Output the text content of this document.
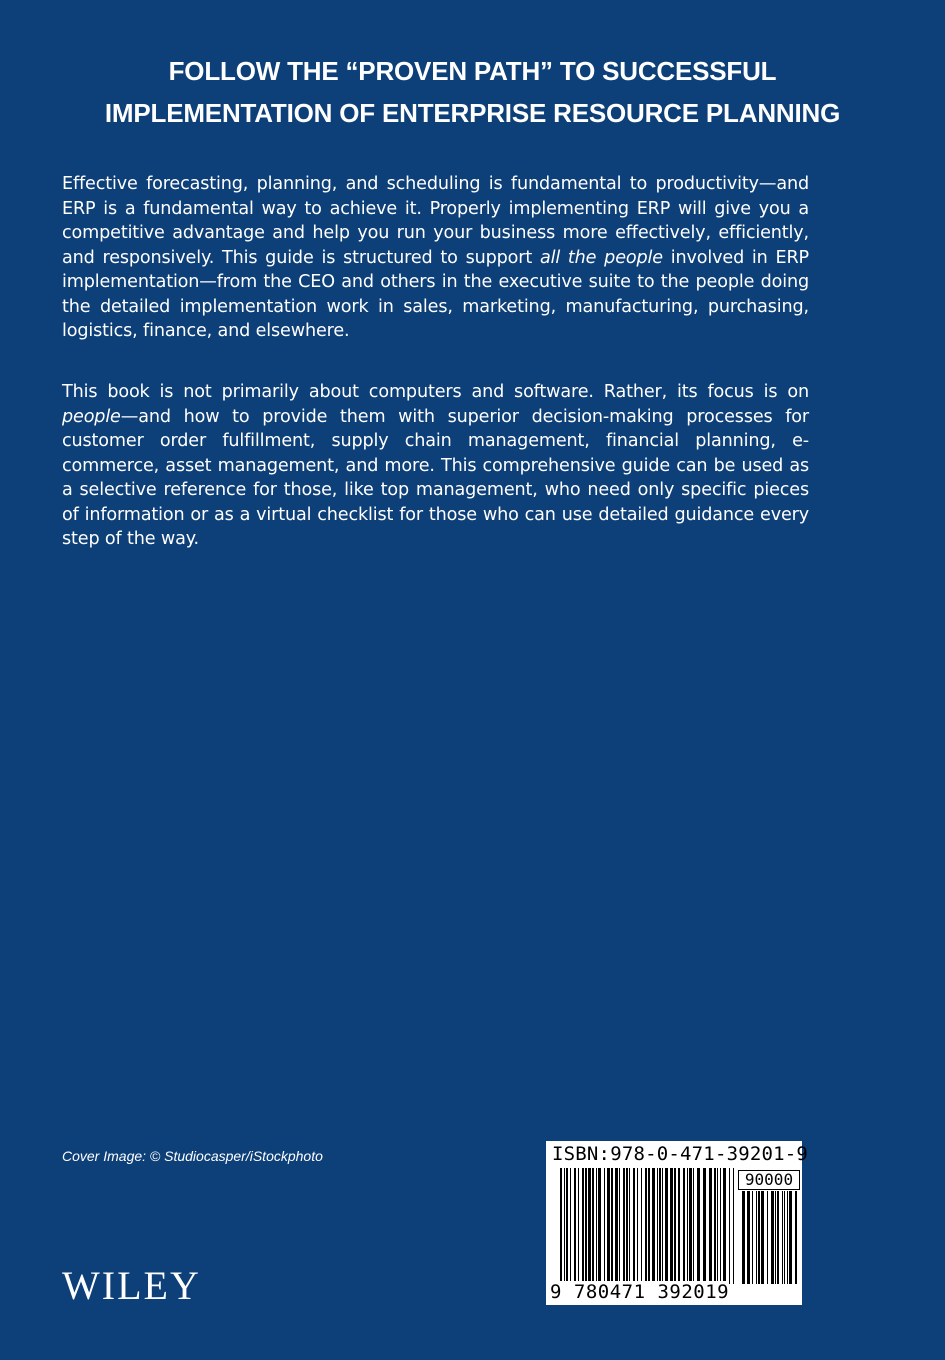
FOLLOW THE “PROVEN PATH” TO SUCCESSFUL
IMPLEMENTATION OF ENTERPRISE RESOURCE PLANNING
Effective forecasting, planning, and scheduling is fundamental to productivity—and ERP is a fundamental way to achieve it. Properly implementing ERP will give you a competitive advantage and help you run your business more effectively, efficiently, and responsively. This guide is structured to support all the people involved in ERP implementation—from the CEO and others in the executive suite to the people doing the detailed implementation work in sales, marketing, manufacturing, purchasing, logistics, finance, and elsewhere.
This book is not primarily about computers and software. Rather, its focus is on people—and how to provide them with superior decision-making processes for customer order fulfillment, supply chain management, financial planning, e-commerce, asset management, and more. This comprehensive guide can be used as a selective reference for those, like top management, who need only specific pieces of information or as a virtual checklist for those who can use detailed guidance every step of the way.
Cover Image: © Studiocasper/iStockphoto
WILEY
ISBN:978-0-471-39201-9
90000
9 780471 392019
